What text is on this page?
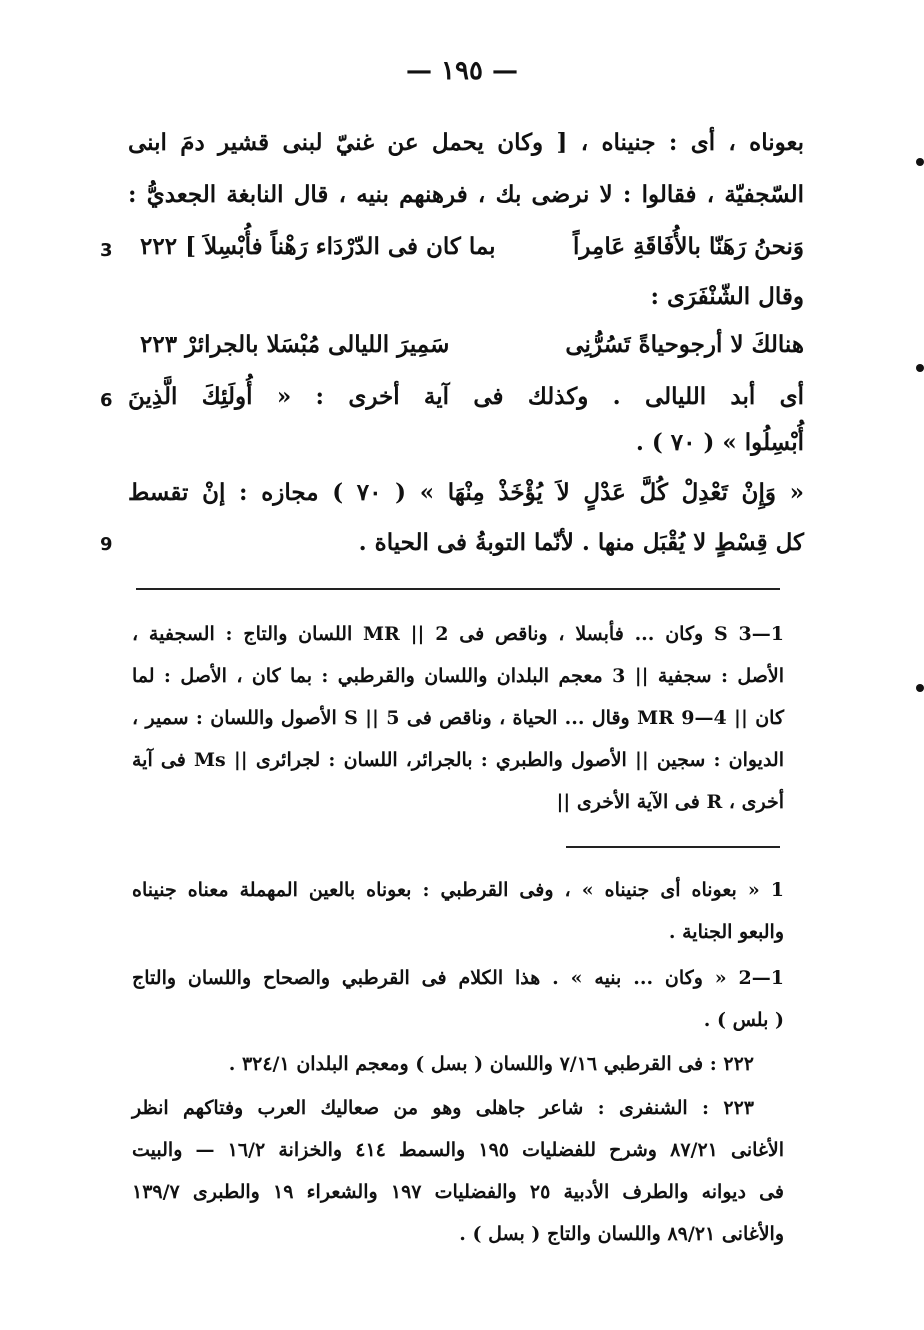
— ١٩٥ —
بعوناه ، أى : جنيناه ، [ وكان يحمل عن غنيّ لبنى قشير دمَ ابنى
السّجفيّة ، فقالوا : لا نرضى بك ، فرهنهم بنيه ، قال النابغة الجعديُّ :
وَنحنُ رَهَنّا بالأُفَاقَةِ عَامِراً
بما كان فى الدّرْدَاء رَهْناً فأُبْسِلاَ ] ٢٢٢
3
وقال الشّنْفَرَى :
هنالكَ لا أرجوحياةً تَسُرُّنِى
سَمِيرَ الليالى مُبْسَلا بالجرائرْ ٢٢٣
أى أبد الليالى . وكذلك فى آية أخرى : « أُولَئِكَ الَّذِينَ
6
أُبْسِلُوا » ( ٧٠ ) .
« وَإِنْ تَعْدِلْ كُلَّ عَدْلٍ لاَ يُؤْخَذْ مِنْهَا » ( ٧٠ ) مجازه : إنْ تقسط
كل قِسْطٍ لا يُقْبَل منها . لأنّما التوبةُ فى الحياة .
9
1—3 S وكان ... فأبسلا ، وناقص فى MR || 2 اللسان والتاج : السجفية ،
الأصل : سجفية || 3 معجم البلدان واللسان والقرطبي : بما كان ، الأصل : لما
كان || 4—9 MR وقال ... الحياة ، وناقص فى S || 5 الأصول واللسان : سمير ،
الديوان : سجين || الأصول والطبري : بالجرائر، اللسان : لجرائرى || Ms فى آية
أخرى ، R فى الآية الأخرى ||
1 « بعوناه أى جنيناه » ، وفى القرطبي : بعوناه بالعين المهملة معناه جنيناه
والبعو الجناية .
1—2 « وكان ... بنيه » . هذا الكلام فى القرطبي والصحاح واللسان والتاج
( بلس ) .
٢٢٢ : فى القرطبي ٧/١٦ واللسان ( بسل ) ومعجم البلدان ٣٢٤/١ .
٢٢٣ : الشنفرى : شاعر جاهلى وهو من صعاليك العرب وفتاكهم انظر
الأغانى ٨٧/٢١ وشرح للفضليات ١٩٥ والسمط ٤١٤ والخزانة ١٦/٢ — والبيت
فى ديوانه والطرف الأدبية ٢٥ والفضليات ١٩٧ والشعراء ١٩ والطبرى ١٣٩/٧
والأغانى ٨٩/٢١ واللسان والتاج ( بسل ) .
